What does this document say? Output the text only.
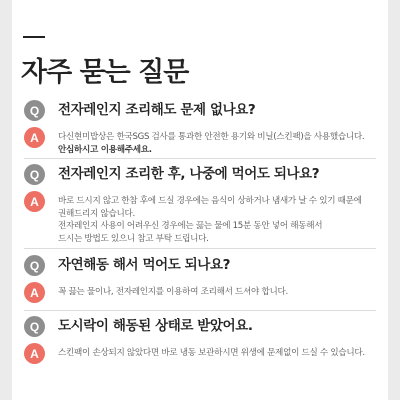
자주 묻는 질문
Q	전자레인지 조리해도 문제 없나요?
A	다신현미밥상은 한국SGS 검사를 통과한 안전한 용기와 비닐(스킨팩)을 사용했습니다.
안심하시고 이용해주세요.
Q	전자레인지 조리한 후, 나중에 먹어도 되나요?
A	바로 드시지 않고 한참 후에 드실 경우에는 음식이 상하거나 냄새가 날 수 있기 때문에
권해드리지 않습니다.
전자레인지 사용이 어려우신 경우에는 끓는 물에 15분 동안 넣어 해동해서
드시는 방법도 있으니 참고 부탁 드립니다.
Q	자연해동 해서 먹어도 되나요?
A	꼭 끓는 물이나, 전자레인지를 이용하여 조리해서 드셔야 합니다.
Q	도시락이 해동된 상태로 받았어요.
A	스킨팩이 손상되지 않았다면 바로 냉동 보관하시면 위생에 문제없이 드실 수 있습니다.
